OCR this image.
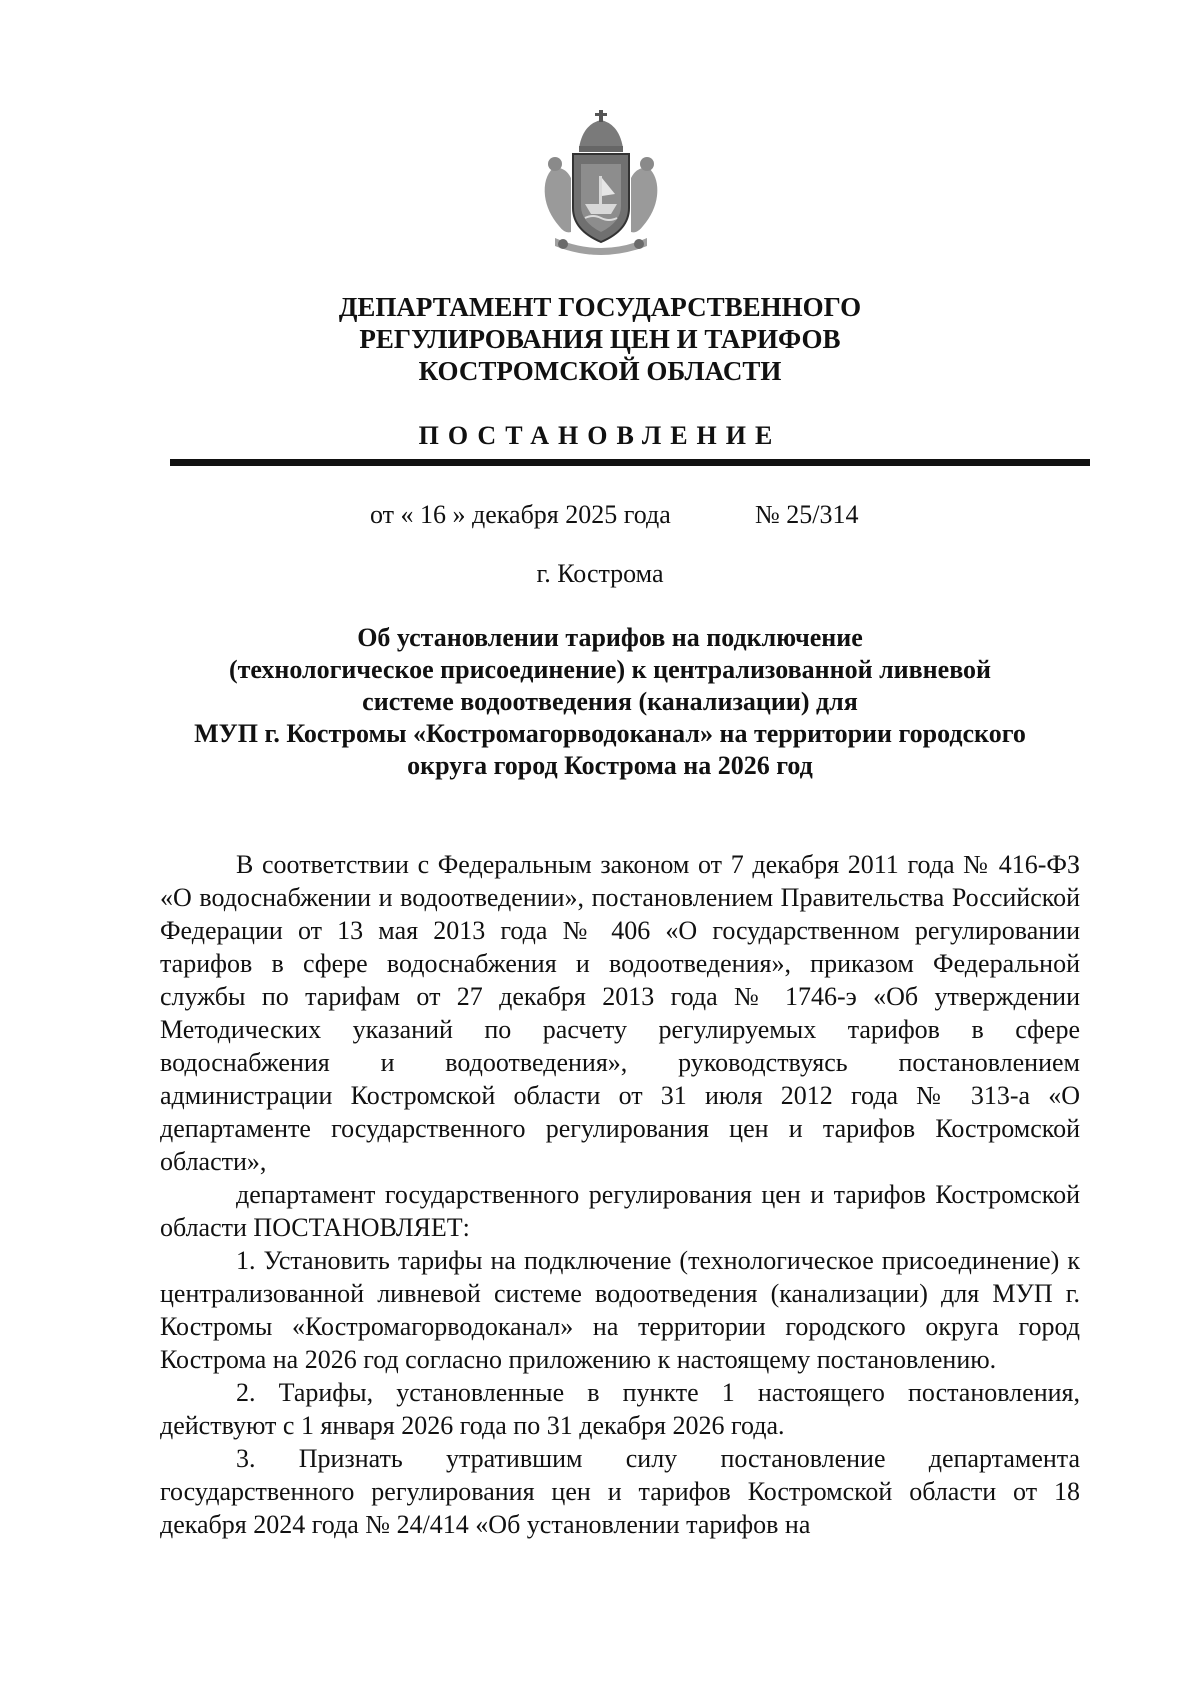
ДЕПАРТАМЕНТ ГОСУДАРСТВЕННОГО
РЕГУЛИРОВАНИЯ ЦЕН И ТАРИФОВ
КОСТРОМСКОЙ ОБЛАСТИ
ПОСТАНОВЛЕНИЕ
от « 16 » декабря 2025 года	№ 25/314
г. Кострома
Об установлении тарифов на подключение
(технологическое присоединение) к централизованной ливневой
системе водоотведения (канализации) для
МУП г. Костромы «Костромагорводоканал» на территории городского
округа город Кострома на 2026 год

В соответствии с Федеральным законом от 7 декабря 2011 года № 416-ФЗ «О водоснабжении и водоотведении», постановлением Правительства Российской Федерации от 13 мая 2013 года № 406 «О государственном регулировании тарифов в сфере водоснабжения и водоотведения», приказом Федеральной службы по тарифам от 27 декабря 2013 года № 1746-э «Об утверждении Методических указаний по расчету регулируемых тарифов в сфере водоснабжения и водоотведения», руководствуясь постановлением администрации Костромской области от 31 июля 2012 года № 313-а «О департаменте государственного регулирования цен и тарифов Костромской области»,

департамент государственного регулирования цен и тарифов Костромской области ПОСТАНОВЛЯЕТ:

1. Установить тарифы на подключение (технологическое присоединение) к централизованной ливневой системе водоотведения (канализации) для МУП г. Костромы «Костромагорводоканал» на территории городского округа город Кострома на 2026 год согласно приложению к настоящему постановлению.

2. Тарифы, установленные в пункте 1 настоящего постановления, действуют с 1 января 2026 года по 31 декабря 2026 года.

3. Признать утратившим силу постановление департамента государственного регулирования цен и тарифов Костромской области от 18 декабря 2024 года № 24/414 «Об установлении тарифов на
